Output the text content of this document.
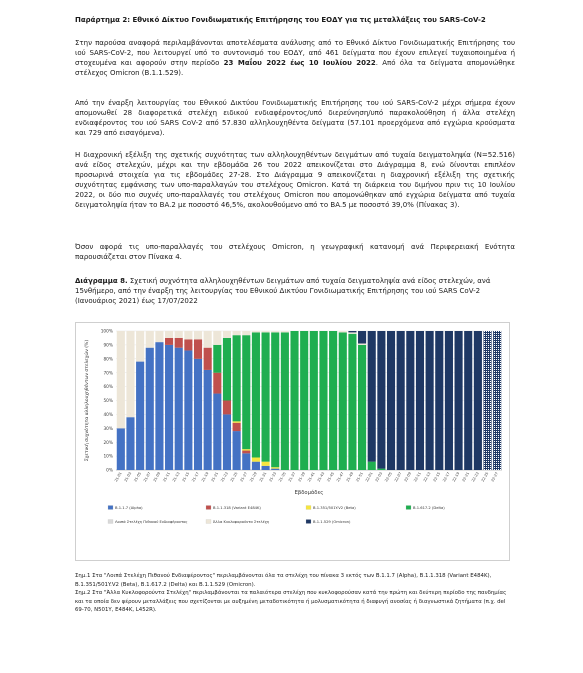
Παράρτημα 2: Εθνικό Δίκτυο Γονιδιωματικής Επιτήρησης του ΕΟΔΥ για τις μεταλλάξεις του SARS-CoV-2
Στην παρούσα αναφορά περιλαμβάνονται αποτελέσματα ανάλυσης από το Εθνικό Δίκτυο Γονιδιωματικής Επιτήρησης του ιού SARS-CoV-2, που λειτουργεί υπό το συντονισμό του ΕΟΔΥ, από 461 δείγματα που έχουν επιλεγεί τυχαιοποιημένα ή στοχευμένα και αφορούν στην περίοδο 23 Μαΐου 2022 έως 10 Ιουλίου 2022. Από όλα τα δείγματα απομονώθηκε στέλεχος Omicron (B.1.1.529).
Από την έναρξη λειτουργίας του Εθνικού Δικτύου Γονιδιωματικής Επιτήρησης του ιού SARS-CoV-2 μέχρι σήμερα έχουν απομονωθεί 28 διαφορετικά στελέχη ειδικού ενδιαφέροντος/υπό διερεύνηση/υπό παρακολούθηση ή άλλα στελέχη ενδιαφέροντος του ιού SARS CoV-2 από 57.830 αλληλουχηθέντα δείγματα (57.101 προερχόμενα από εγχώρια κρούσματα και 729 από εισαγόμενα).
Η διαχρονική εξέλιξη της σχετικής συχνότητας των αλληλουχηθέντων δειγμάτων από τυχαία δειγματοληψία (N=52.516) ανά είδος στελεχών, μέχρι και την εβδομάδα 26 του 2022 απεικονίζεται στο Διάγραμμα 8, ενώ δίνονται επιπλέον προσωρινά στοιχεία για τις εβδομάδες 27-28. Στο Διάγραμμα 9 απεικονίζεται η διαχρονική εξέλιξη της σχετικής συχνότητας εμφάνισης των υπο-παραλλαγών του στελέχους Omicron. Κατά τη διάρκεια του διμήνου πριν τις 10 Ιουλίου 2022, οι δύο πιο συχνές υπο-παραλλαγές του στελέχους Omicron που απομονώθηκαν από εγχώρια δείγματα από τυχαία δειγματοληψία ήταν το BA.2 με ποσοστό 46,5%, ακολουθούμενο από το BA.5 με ποσοστό 39,0% (Πίνακας 3).
Όσον αφορά τις υπο-παραλλαγές του στελέχους Omicron, η γεωγραφική κατανομή ανά Περιφερειακή Ενότητα παρουσιάζεται στον Πίνακα 4.
Διάγραμμα 8. Σχετική συχνότητα αλληλουχηθέντων δειγμάτων από τυχαία δειγματοληψία ανά είδος στελεχών, ανά 15νθήμερο, από την έναρξη της λειτουργίας του Εθνικού Δικτύου Γονιδιωματικής Επιτήρησης του ιού SARS CoV-2 (Ιανουάριος 2021) έως 17/07/2022
0%
10%
20%
30%
40%
50%
60%
70%
80%
90%
100%
Σχετική συχνότητα αλληλουχηθέντων στελεχών (%)
21-01 21-03 21-05 21-07 21-09 21-11 21-13 21-15 21-17 21-19 21-21 21-23 21-25 21-27 21-29 21-31 21-33 21-35 21-37 21-39 21-41 21-43 21-45 21-47 21-49 21-51 22-01 22-03 22-05 22-07 22-09 22-11 22-13 22-15 22-17 22-19 22-21 22-23 22-25 22-27
Εβδομάδες
B.1.1.7 (Alpha)	B.1.1.318 (Variant E484K)	B.1.351/501Y.V2 (Beta)	B.1.617.2 (Delta)
Λοιπά Στελέχη Πιθανού Ενδιαφέροντος	Άλλα Κυκλοφορούντα Στελέχη	B.1.1.529 (Omicron)
Σημ.1 Στα "Λοιπά Στελέχη Πιθανού Ενδιαφέροντος" περιλαμβάνονται όλα τα στελέχη του πίνακα 3 εκτός των B.1.1.7 (Alpha), B.1.1.318 (Variant E484K), B.1.351/501Y.V2 (Beta), B.1.617.2 (Delta) και B.1.1.529 (Omicron).
Σημ.2 Στα "Άλλα Κυκλοφορούντα Στελέχη" περιλαμβάνονται τα παλαιότερα στελέχη που κυκλοφορούσαν κατά την πρώτη και δεύτερη περίοδο της πανδημίας και τα οποία δεν φέρουν μεταλλάξεις που σχετίζονται με αυξημένη μεταδοτικότητα ή μολυσματικότητα ή διαφυγή ανοσίας ή διαγνωστικά ζητήματα (π.χ. del 69-70, N501Y, E484K, L452R).
